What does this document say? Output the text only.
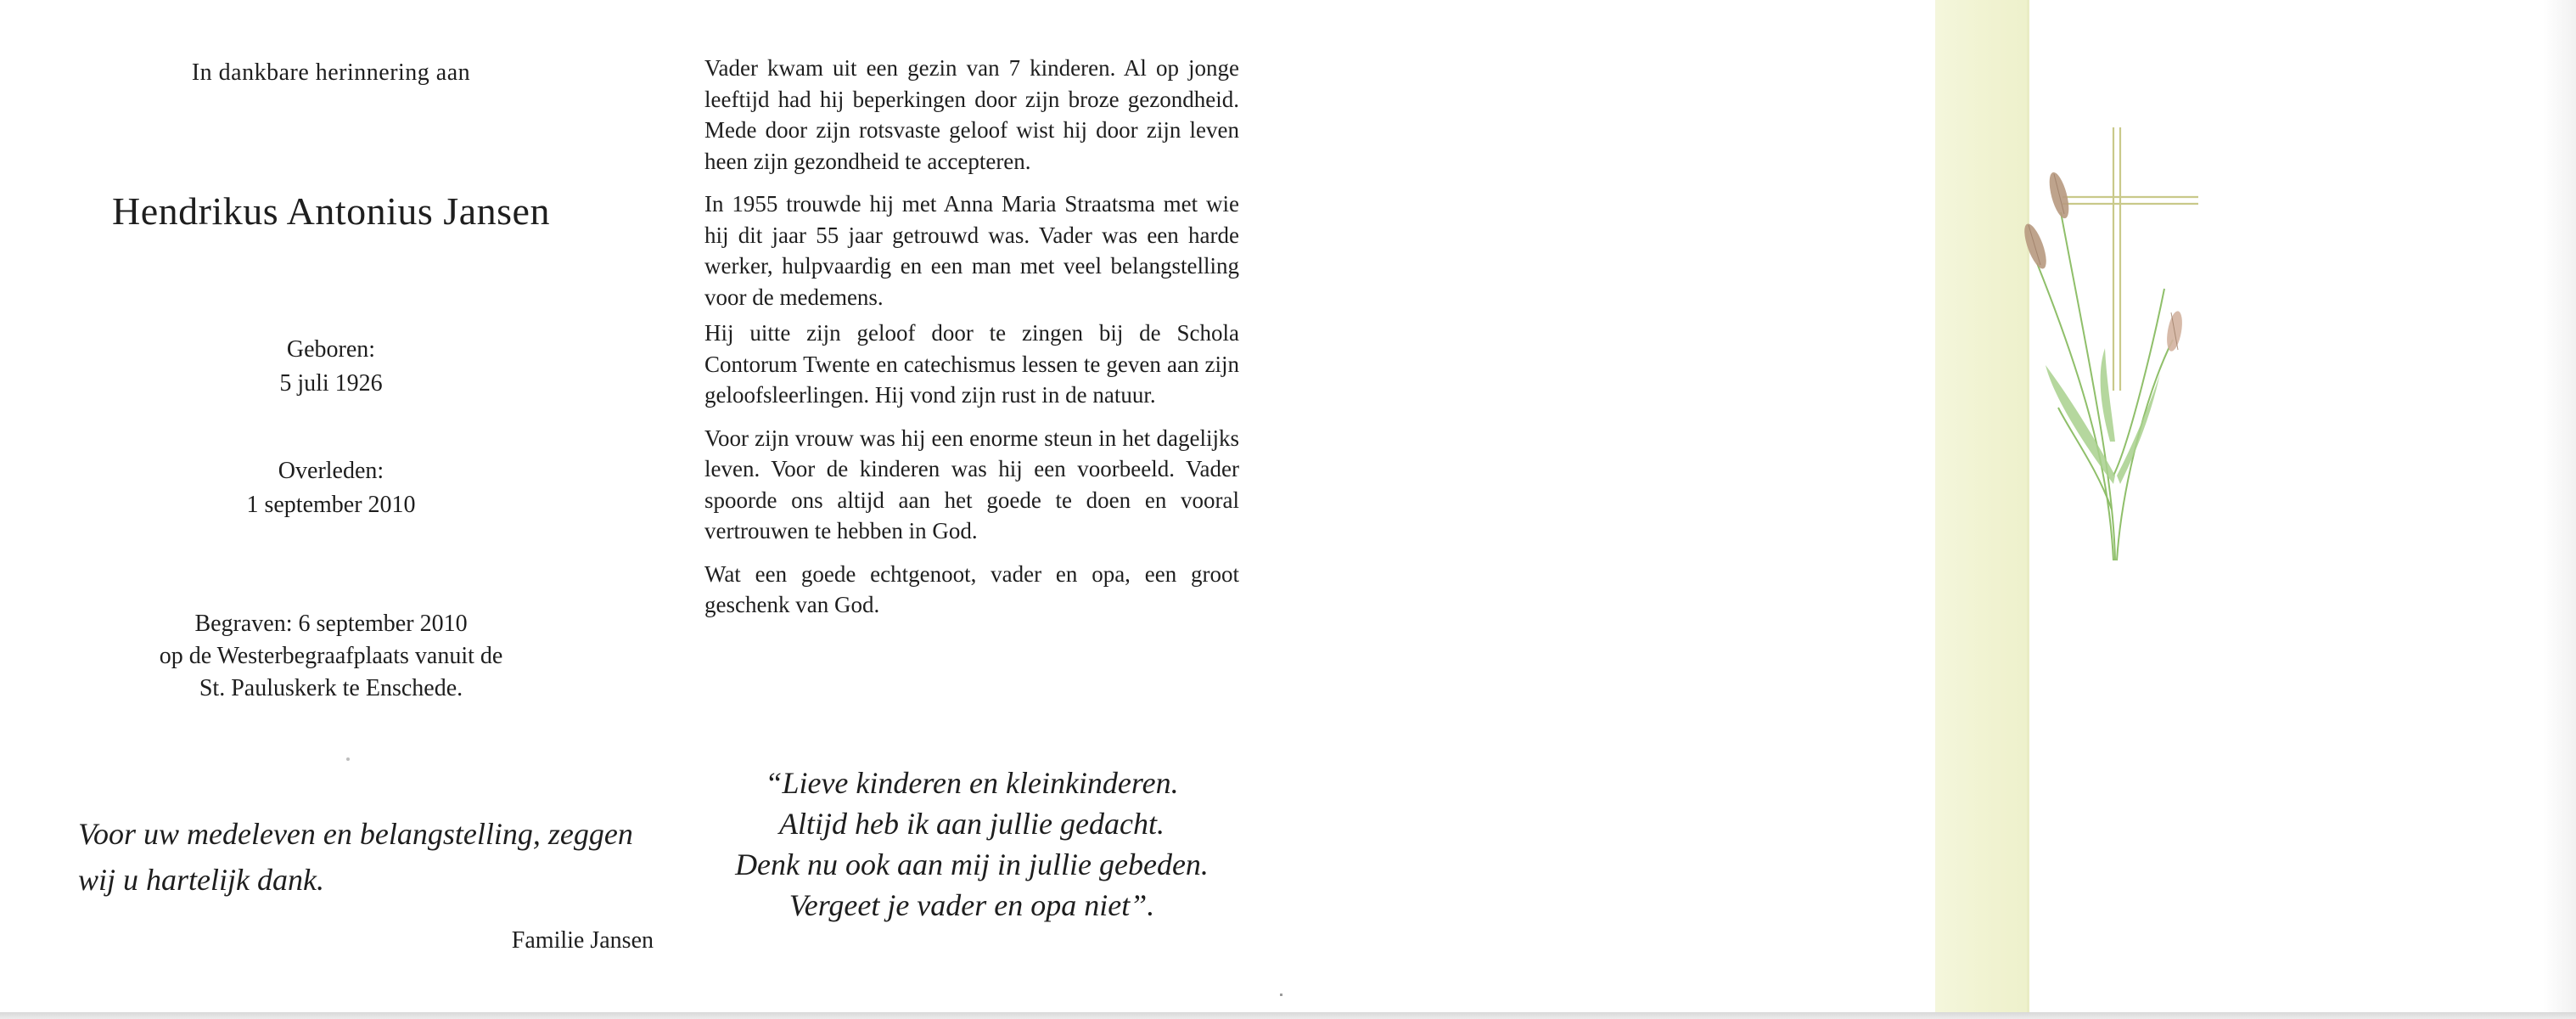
In dankbare herinnering aan
Hendrikus Antonius Jansen
Geboren:
5 juli 1926
Overleden:
1 september 2010
Begraven: 6 september 2010
op de Westerbegraafplaats vanuit de
St. Pauluskerk te Enschede.
Voor uw medeleven en belangstelling, zeggen
wij u hartelijk dank.
Familie Jansen

Vader kwam uit een gezin van 7 kinderen. Al op jonge leeftijd had hij beperkingen door zijn broze gezondheid. Mede door zijn rotsvaste geloof wist hij door zijn leven heen zijn gezondheid te accepteren.

In 1955 trouwde hij met Anna Maria Straatsma met wie hij dit jaar 55 jaar getrouwd was. Vader was een harde werker, hulpvaardig en een man met veel belangstelling voor de medemens.

Hij uitte zijn geloof door te zingen bij de Schola Contorum Twente en catechismus lessen te geven aan zijn geloofsleerlingen. Hij vond zijn rust in de natuur.

Voor zijn vrouw was hij een enorme steun in het dagelijks leven. Voor de kinderen was hij een voorbeeld. Vader spoorde ons altijd aan het goede te doen en vooral vertrouwen te hebben in God.

Wat een goede echtgenoot, vader en opa, een groot geschenk van God.

“Lieve kinderen en kleinkinderen.
Altijd heb ik aan jullie gedacht.
Denk nu ook aan mij in jullie gebeden.
Vergeet je vader en opa niet”.
